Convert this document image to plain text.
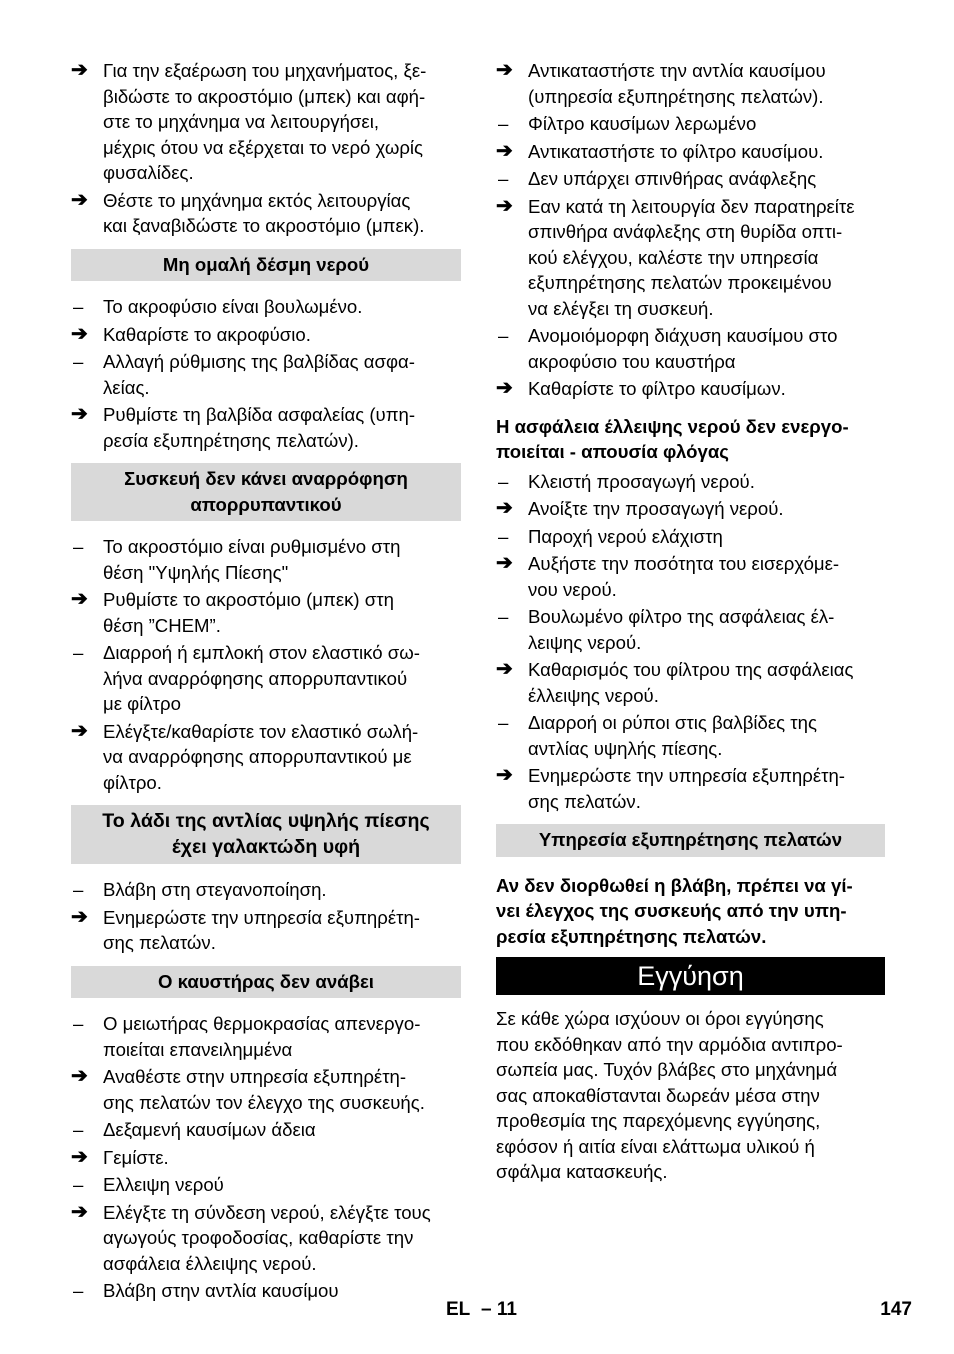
➔ Για την εξαέρωση του μηχανήματος, ξε-
βιδώστε το ακροστόμιο (μπεκ) και αφή-
στε το μηχάνημα να λειτουργήσει,
μέχρις ότου να εξέρχεται το νερό χωρίς
φυσαλίδες.
➔ Θέστε το μηχάνημα εκτός λειτουργίας
και ξαναβιδώστε το ακροστόμιο (μπεκ).
Μη ομαλή δέσμη νερού
–	Το ακροφύσιο είναι βουλωμένο.
➔ Καθαρίστε το ακροφύσιο.
–	Αλλαγή ρύθμισης της βαλβίδας ασφα-
λείας.
➔ Ρυθμίστε τη βαλβίδα ασφαλείας (υπη-
ρεσία εξυπηρέτησης πελατών).
Συσκευή δεν κάνει αναρρόφηση
απορρυπαντικού
–	Το ακροστόμιο είναι ρυθμισμένο στη
θέση "Υψηλής Πίεσης"
➔ Ρυθμίστε το ακροστόμιο (μπεκ) στη
θέση ”CHEM”.
–	Διαρροή ή εμπλοκή στον ελαστικό σω-
λήνα αναρρόφησης απορρυπαντικού
με φίλτρο
➔ Ελέγξτε/καθαρίστε τον ελαστικό σωλή-
να αναρρόφησης απορρυπαντικού με
φίλτρο.
Το λάδι της αντλίας υψηλής πίεσης
έχει γαλακτώδη υφή
–	Βλάβη στη στεγανοποίηση.
➔ Ενημερώστε την υπηρεσία εξυπηρέτη-
σης πελατών.
Ο καυστήρας δεν ανάβει
–	Ο μειωτήρας θερμοκρασίας απενεργο-
ποιείται επανειλημμένα
➔ Αναθέστε στην υπηρεσία εξυπηρέτη-
σης πελατών τον έλεγχο της συσκευής.
–	Δεξαμενή καυσίμων άδεια
➔ Γεμίστε.
–	Ελλειψη νερού
➔ Ελέγξτε τη σύνδεση νερού, ελέγξτε τους
αγωγούς τροφοδοσίας, καθαρίστε την
ασφάλεια έλλειψης νερού.
–	Βλάβη στην αντλία καυσίμου
➔ Αντικαταστήστε την αντλία καυσίμου
(υπηρεσία εξυπηρέτησης πελατών).
–	Φίλτρο καυσίμων λερωμένο
➔ Αντικαταστήστε το φίλτρο καυσίμου.
–	Δεν υπάρχει σπινθήρας ανάφλεξης
➔ Εαν κατά τη λειτουργία δεν παρατηρείτε
σπινθήρα ανάφλεξης στη θυρίδα οπτι-
κού ελέγχου, καλέστε την υπηρεσία
εξυπηρέτησης πελατών προκειμένου
να ελέγξει τη συσκευή.
–	Ανομοιόμορφη διάχυση καυσίμου στο
ακροφύσιο του καυστήρα
➔ Καθαρίστε το φίλτρο καυσίμων.
Η ασφάλεια έλλειψης νερού δεν ενεργο-
ποιείται - απουσία φλόγας
–	Κλειστή προσαγωγή νερού.
➔ Ανοίξτε την προσαγωγή νερού.
–	Παροχή νερού ελάχιστη
➔ Αυξήστε την ποσότητα του εισερχόμε-
νου νερού.
–	Βουλωμένο φίλτρο της ασφάλειας έλ-
λειψης νερού.
➔ Καθαρισμός του φίλτρου της ασφάλειας
έλλειψης νερού.
–	Διαρροή οι ρύποι στις βαλβίδες της
αντλίας υψηλής πίεσης.
➔ Ενημερώστε την υπηρεσία εξυπηρέτη-
σης πελατών.
Υπηρεσία εξυπηρέτησης πελατών
Αν δεν διορθωθεί η βλάβη, πρέπει να γί-
νει έλεγχος της συσκευής από την υπη-
ρεσία εξυπηρέτησης πελατών.
Εγγύηση
Σε κάθε χώρα ισχύουν οι όροι εγγύησης
που εκδόθηκαν από την αρμόδια αντιπρο-
σωπεία μας. Τυχόν βλάβες στο μηχάνημά
σας αποκαθίστανται δωρεάν μέσα στην
προθεσμία της παρεχόμενης εγγύησης,
εφόσον ή αιτία είναι ελάττωμα υλικού ή
σφάλμα κατασκευής.
EL – 11	147
